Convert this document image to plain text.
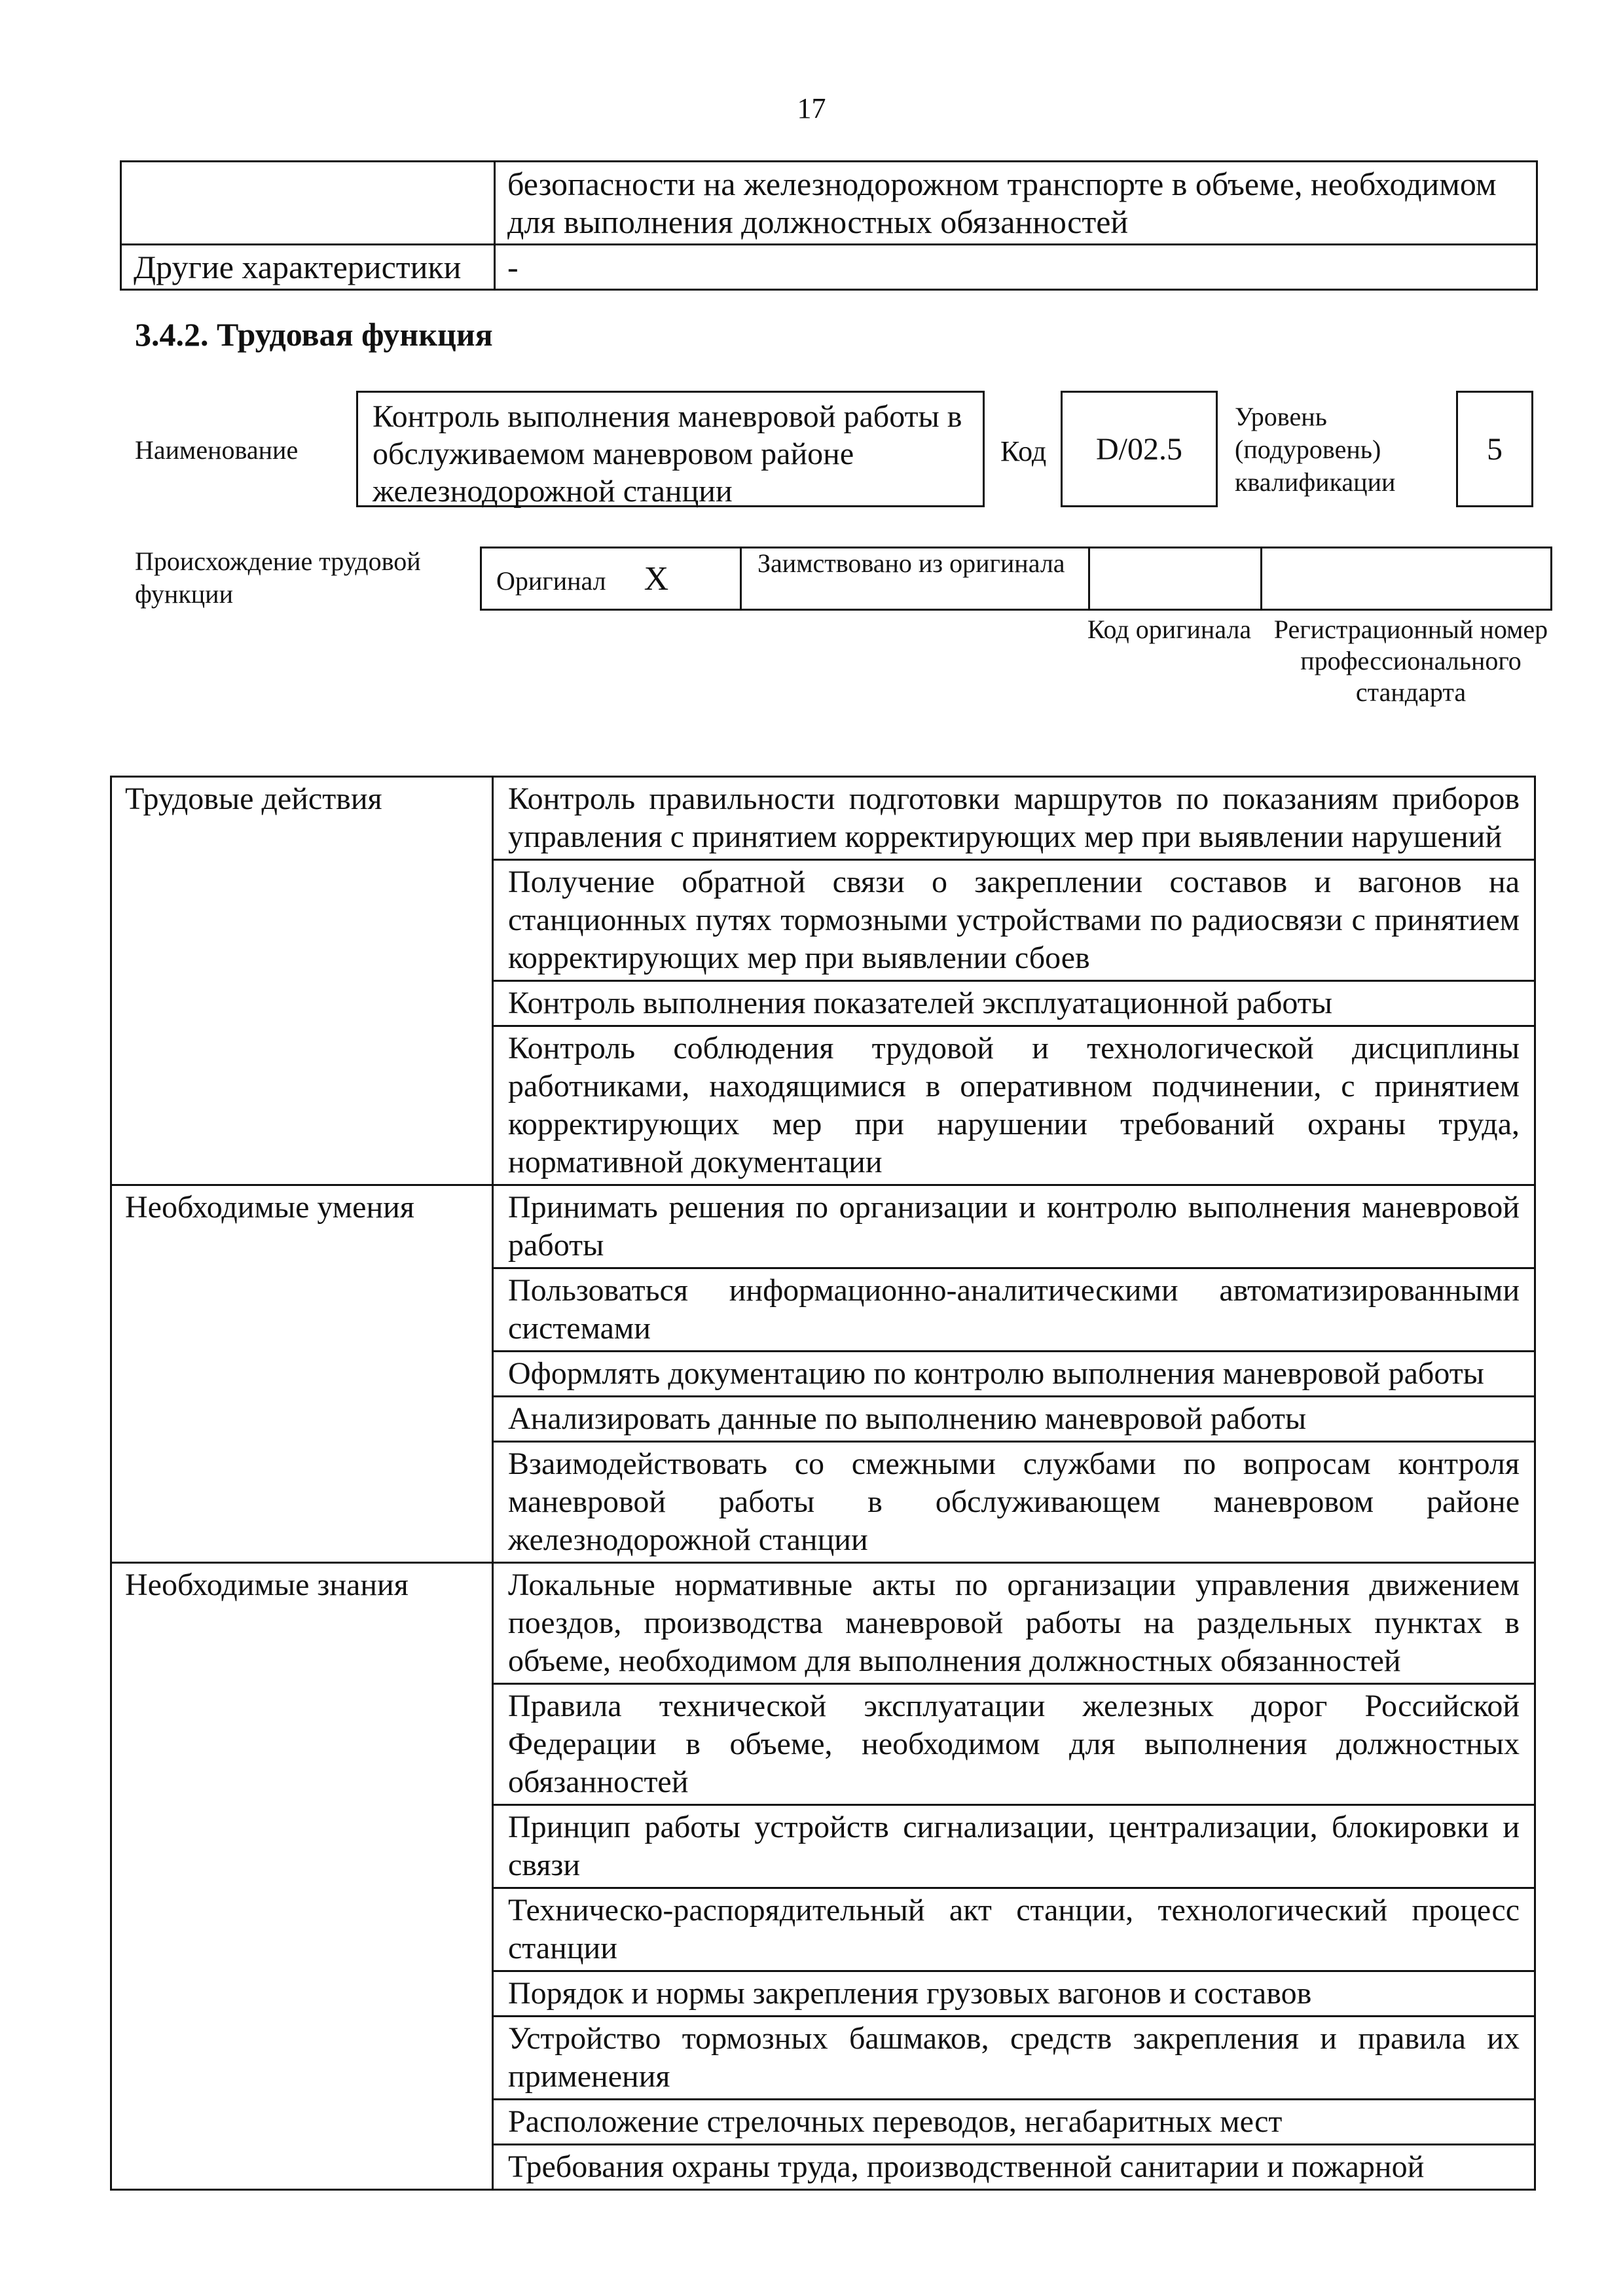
17
	безопасности на железнодорожном транспорте в объеме, необходимом для выполнения должностных обязанностей
Другие характеристики	-
3.4.2. Трудовая функция
Наименование
Контроль выполнения маневровой работы в обслуживаемом маневровом районе железнодорожной станции
Код	D/02.5
Уровень (подуровень) квалификации
5
Происхождение трудовой функции	Оригинал X	Заимствовано из оригинала		
Код оригинала Регистрационный номер профессионального стандарта
Трудовые действия	Контроль правильности подготовки маршрутов по показаниям приборов управления с принятием корректирующих мер при выявлении нарушений
	Получение обратной связи о закреплении составов и вагонов на станционных путях тормозными устройствами по радиосвязи с принятием корректирующих мер при выявлении сбоев
	Контроль выполнения показателей эксплуатационной работы
	Контроль соблюдения трудовой и технологической дисциплины работниками, находящимися в оперативном подчинении, с принятием корректирующих мер при нарушении требований охраны труда, нормативной документации
Необходимые умения	Принимать решения по организации и контролю выполнения маневровой работы
	Пользоваться информационно-аналитическими автоматизированными системами
	Оформлять документацию по контролю выполнения маневровой работы
	Анализировать данные по выполнению маневровой работы
	Взаимодействовать со смежными службами по вопросам контроля маневровой работы в обслуживающем маневровом районе железнодорожной станции
Необходимые знания	Локальные нормативные акты по организации управления движением поездов, производства маневровой работы на раздельных пунктах в объеме, необходимом для выполнения должностных обязанностей
	Правила технической эксплуатации железных дорог Российской Федерации в объеме, необходимом для выполнения должностных обязанностей
	Принцип работы устройств сигнализации, централизации, блокировки и связи
	Техническо-распорядительный акт станции, технологический процесс станции
	Порядок и нормы закрепления грузовых вагонов и составов
	Устройство тормозных башмаков, средств закрепления и правила их применения
	Расположение стрелочных переводов, негабаритных мест
	Требования охраны труда, производственной санитарии и пожарной
